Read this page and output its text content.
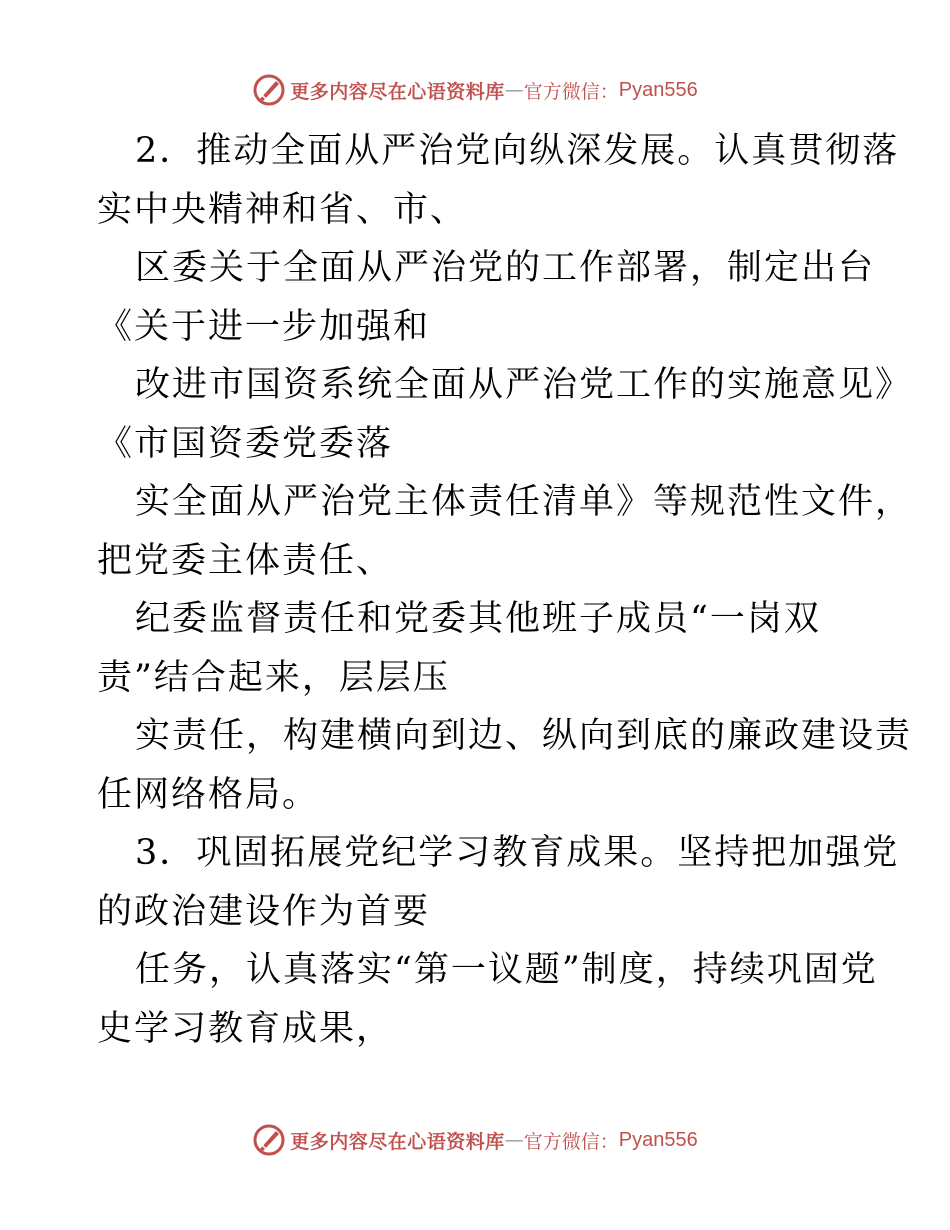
更多内容尽在心语资料库 — 官方微信： Pyan556
2．推动全面从严治党向纵深发展。认真贯彻落
实中央精神和省、市、
区委关于全面从严治党的工作部署，制定出台
《关于进一步加强和
改进市国资系统全面从严治党工作的实施意见》
《市国资委党委落
实全面从严治党主体责任清单》等规范性文件，
把党委主体责任、
纪委监督责任和党委其他班子成员“一岗双
责”结合起来，层层压
实责任，构建横向到边、纵向到底的廉政建设责
任网络格局。
3．巩固拓展党纪学习教育成果。坚持把加强党
的政治建设作为首要
任务，认真落实“第一议题”制度，持续巩固党
史学习教育成果，
更多内容尽在心语资料库 — 官方微信： Pyan556
